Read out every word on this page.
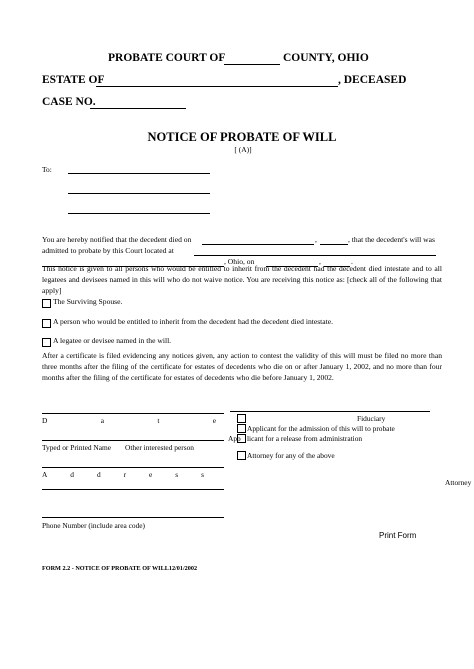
PROBATE COURT OF	COUNTY, OHIO
ESTATE OF	, DECEASED
CASE NO.
NOTICE OF PROBATE OF WILL
[ (A)]
To:
You are hereby notified that the decedent died on	,	, that the decedent's will was
admitted to probate by this Court located at
, Ohio, on	,	.
This notice is given to all persons who would be entitled to inherit from the decedent had the decedent died intestate and to all legatees and devisees named in this will who do not waive notice. You are receiving this notice as: [check all of the following that apply]
The Surviving Spouse.
A person who would be entitled to inherit from the decedent had the decedent died intestate.
A legatee or devisee named in the will.
After a certificate is filed evidencing any notices given, any action to contest the validity of this will must be filed no more than three months after the filing of the certificate for estates of decedents who die on or after January 1, 2002, and no more than four months after the filing of the certificate for estates of decedents who die before January 1, 2002.
D	a	t	e
Typed or Printed Name Other interested person
A	d	d	r	e	s	s
Phone Number (include area code)
Fiduciary
Applicant for the admission of this will to probate
App licant for a release from administration
Attorney for any of the above
Attorney
Print Form
FORM 2.2 - NOTICE OF PROBATE OF WILL12/01/2002
